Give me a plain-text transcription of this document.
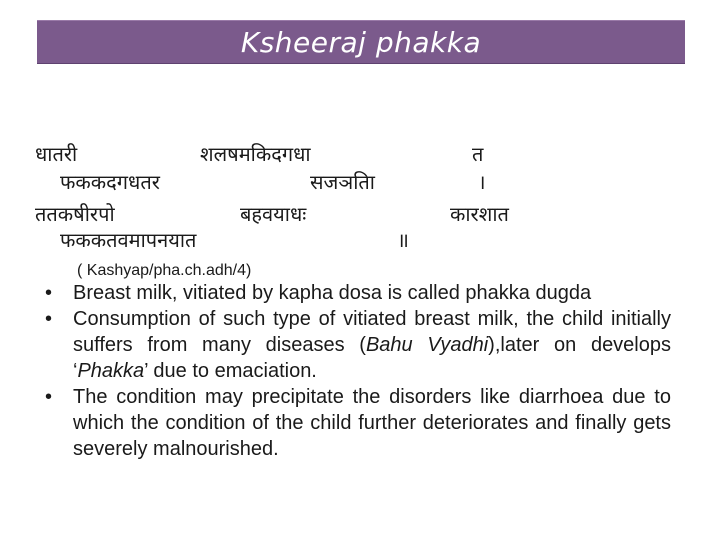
Ksheeraj phakka
धातरी	शलषमकिदगधा	त
फककदगधतर	सजञतिा	।
ततकषीरपो	बहवयाधः	कारशात
फककतवमापनयात	॥
( Kashyap/pha.ch.adh/4)
• Breast milk, vitiated by kapha dosa is called phakka dugda
• Consumption of such type of vitiated breast milk, the child initially suffers from many diseases (Bahu Vyadhi),later on develops ‘Phakka’ due to emaciation.
• The condition may precipitate the disorders like diarrhoea due to which the condition of the child further deteriorates and finally gets severely malnourished.
